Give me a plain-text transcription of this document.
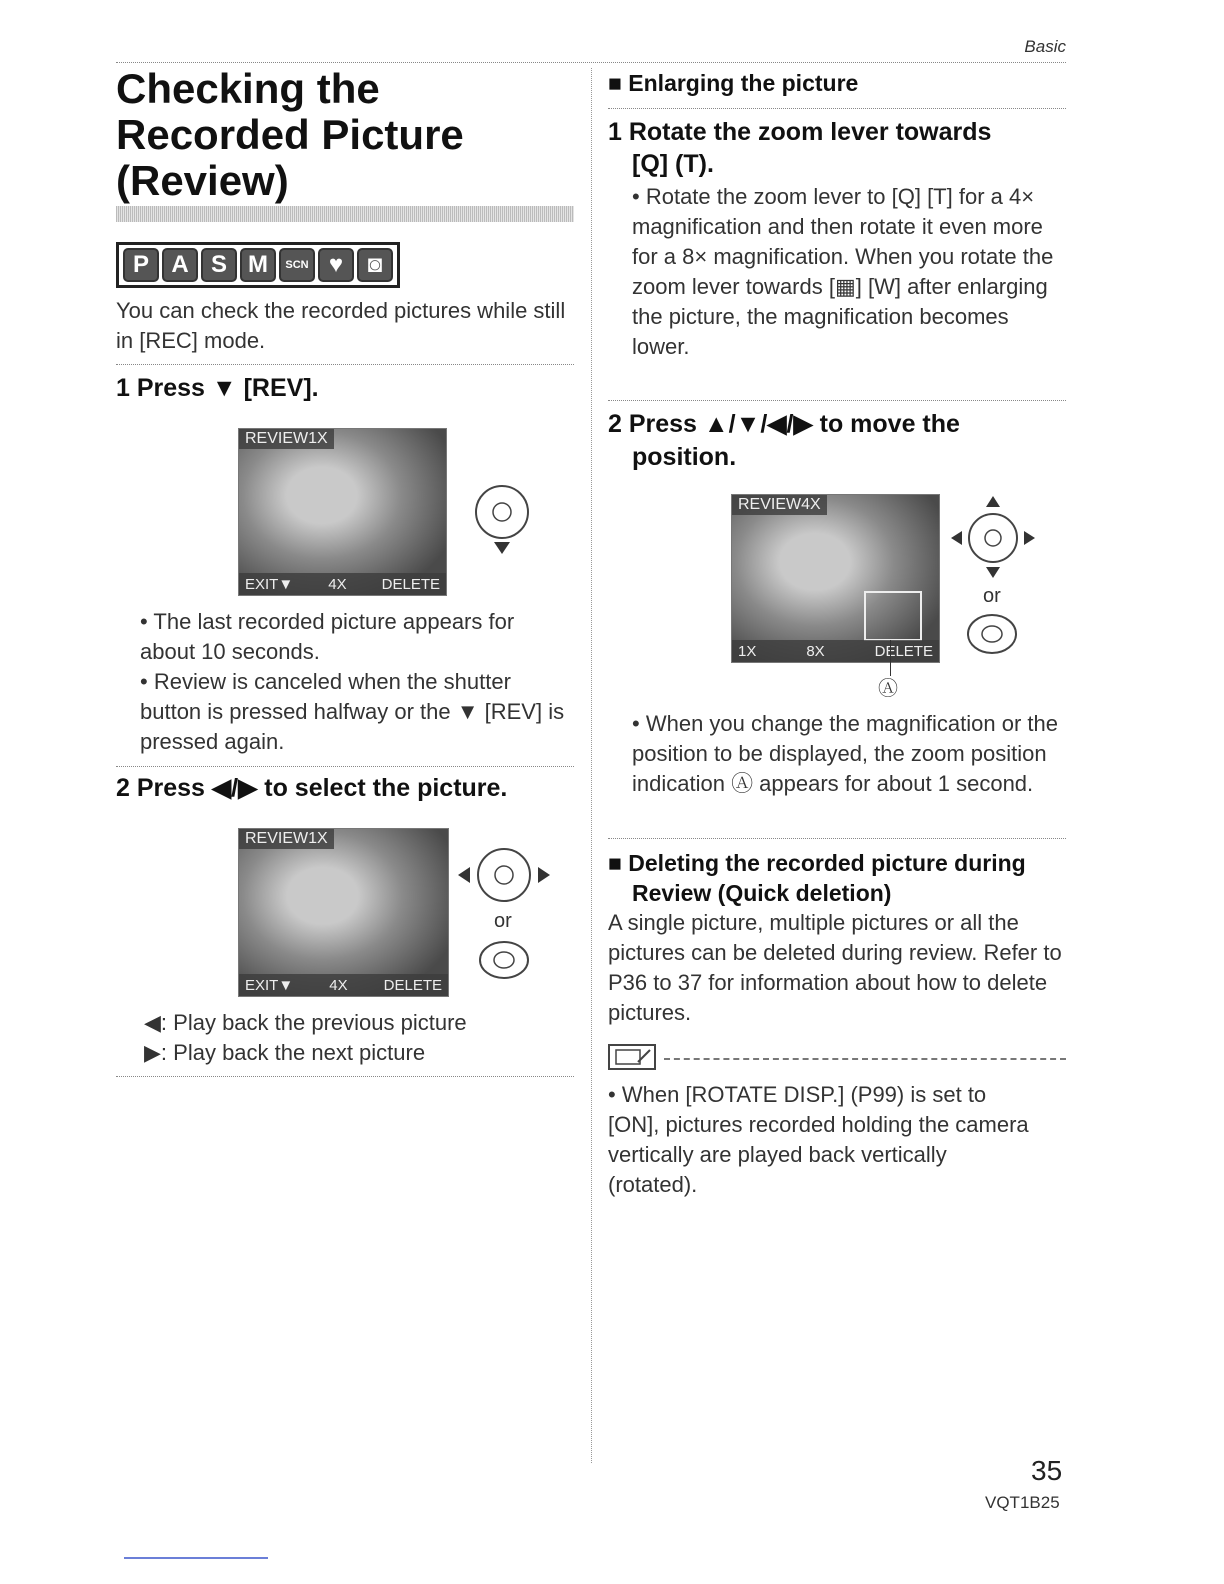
Basic
Checking the
Recorded Picture
(Review)
P A S M	SCN ♥	◙
You can check the recorded pictures while still in [REC] mode.
1 Press ▼ [REV].
REVIEW1X
EXIT▼ 4X DELETE
• The last recorded picture appears for about 10 seconds.
• Review is canceled when the shutter button is pressed halfway or the ▼ [REV] is pressed again.
2 Press ◀/▶ to select the picture.
REVIEW1X
EXIT▼ 4X DELETE
or
◀: Play back the previous picture
▶: Play back the next picture
■ Enlarging the picture
1 Rotate the zoom lever towards
[Q] (T).
• Rotate the zoom lever to [Q] [T] for a 4× magnification and then rotate it even more for a 8× magnification. When you rotate the zoom lever towards [▦] [W] after enlarging the picture, the magnification becomes lower.
2 Press ▲/▼/◀/▶ to move the
position.
REVIEW4X
1X	8X	DELETE
Ⓐ
or
• When you change the magnification or the position to be displayed, the zoom position indication Ⓐ appears for about 1 second.
■ Deleting the recorded picture during
Review (Quick deletion)
A single picture, multiple pictures or all the pictures can be deleted during review. Refer to P36 to 37 for information about how to delete pictures.
• When [ROTATE DISP.] (P99) is set to [ON], pictures recorded holding the camera vertically are played back vertically (rotated).
35
VQT1B25
